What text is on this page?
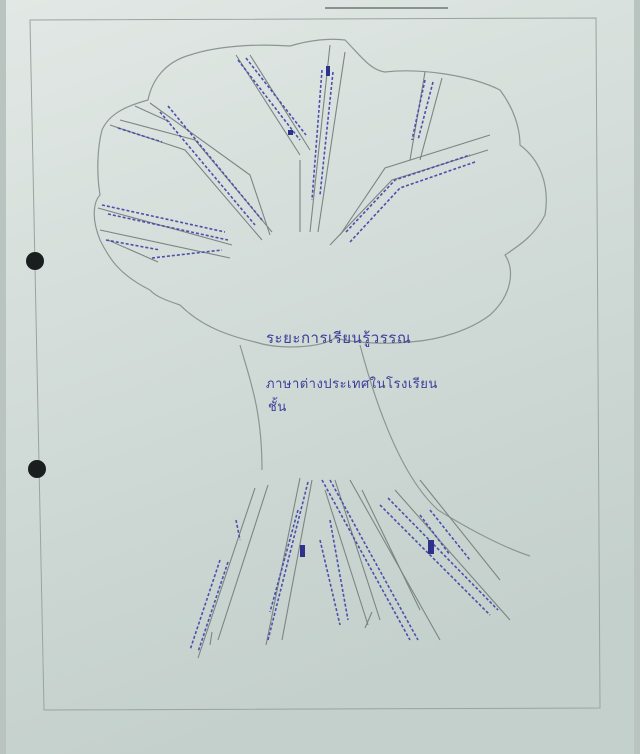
ระยะการเรียนรู้วรรณ
ภาษาต่างประเทศในโรงเรียน
ชั้น
